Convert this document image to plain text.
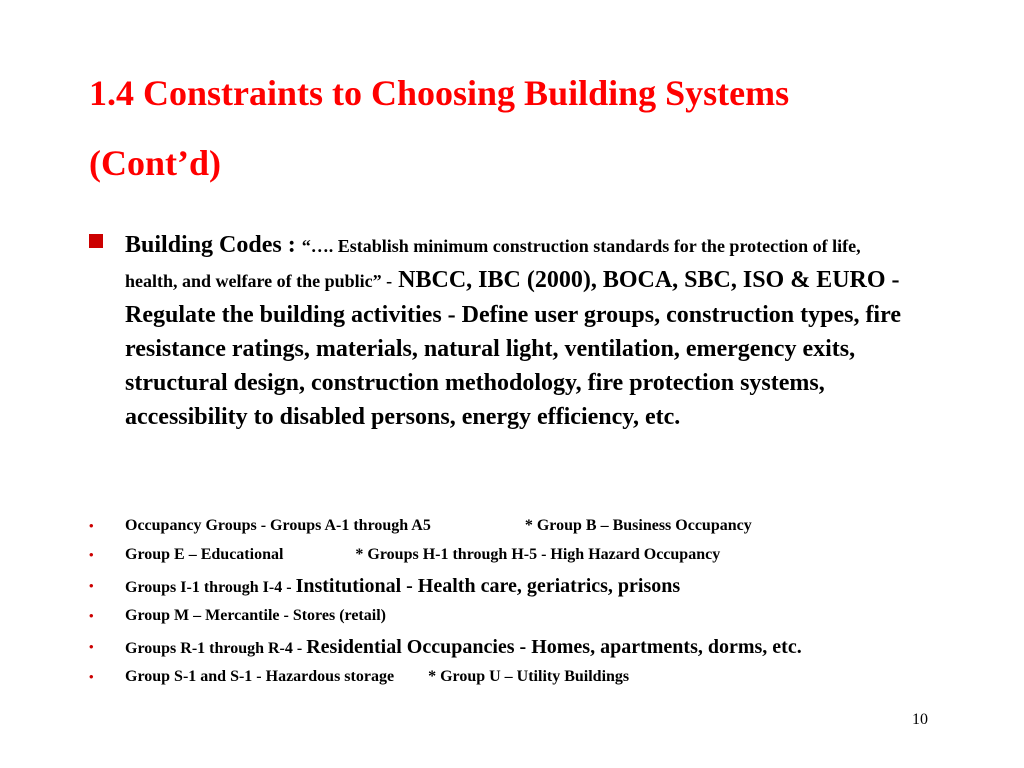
1.4 Constraints to Choosing Building Systems
(Cont’d)
Building Codes : “…. Establish minimum construction standards for the protection of life, health, and welfare of the public” - NBCC, IBC (2000), BOCA, SBC, ISO & EURO - Regulate the building activities - Define user groups, construction types, fire resistance ratings, materials, natural light, ventilation, emergency exits, structural design, construction methodology, fire protection systems, accessibility to disabled persons, energy efficiency, etc.
• Occupancy Groups - Groups A-1 through A5	* Group B – Business Occupancy
• Group E – Educational	* Groups H-1 through H-5 - High Hazard Occupancy
• Groups I-1 through I-4 - Institutional - Health care, geriatrics, prisons
• Group M – Mercantile - Stores (retail)
• Groups R-1 through R-4 - Residential Occupancies - Homes, apartments, dorms, etc.
• Group S-1 and S-1 - Hazardous storage * Group U – Utility Buildings
10
